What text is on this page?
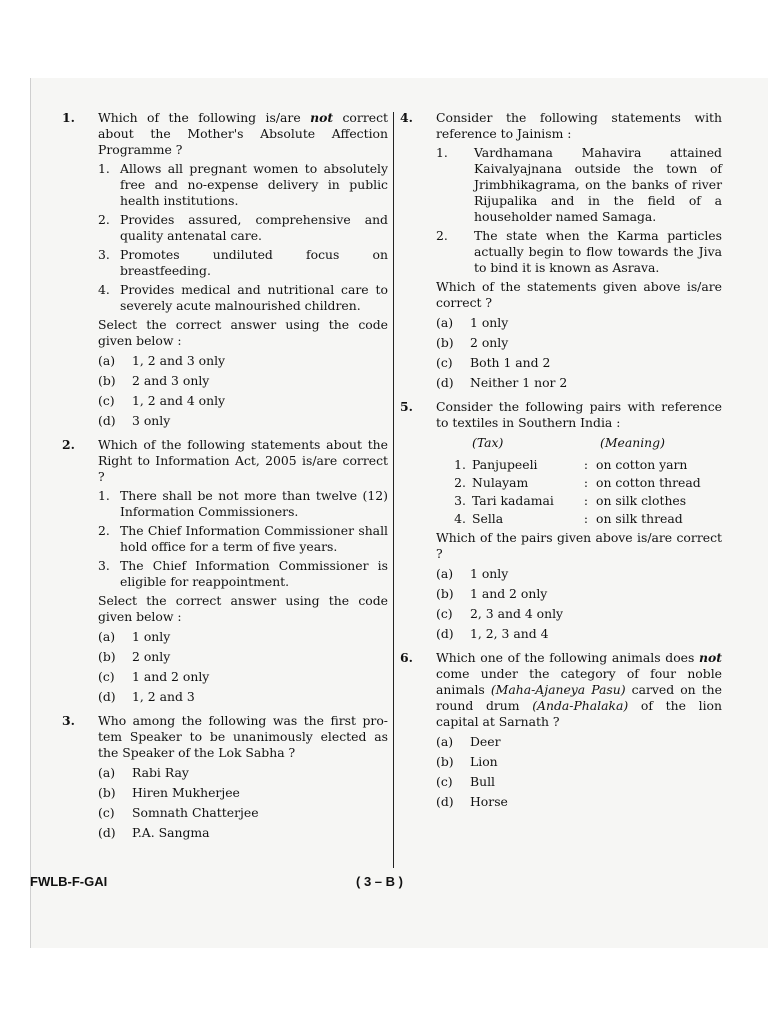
1. Which of the following is/are not correct about the Mother's Absolute Affection Programme ?
1. Allows all pregnant women to absolutely free and no-expense delivery in public health institutions.
2. Provides assured, comprehensive and quality antenatal care.
3. Promotes undiluted focus on breastfeeding.
4. Provides medical and nutritional care to severely acute malnourished children.
Select the correct answer using the code given below :
(a)	1, 2 and 3 only
(b)	2 and 3 only
(c)	1, 2 and 4 only
(d)	3 only
2. Which of the following statements about the Right to Information Act, 2005 is/are correct ?
1. There shall be not more than twelve (12) Information Commissioners.
2. The Chief Information Commissioner shall hold office for a term of five years.
3. The Chief Information Commissioner is eligible for reappointment.
Select the correct answer using the code given below :
(a)	1 only
(b)	2 only
(c)	1 and 2 only
(d)	1, 2 and 3
3. Who among the following was the first pro-tem Speaker to be unanimously elected as the Speaker of the Lok Sabha ?
(a)	Rabi Ray
(b)	Hiren Mukherjee
(c)	Somnath Chatterjee
(d)	P.A. Sangma
4. Consider the following statements with reference to Jainism :
1. Vardhamana Mahavira attained Kaivalyajnana outside the town of Jrimbhikagrama, on the banks of river Rijupalika and in the field of a householder named Samaga.
2. The state when the Karma particles actually begin to flow towards the Jiva to bind it is known as Asrava.
Which of the statements given above is/are correct ?
(a)	1 only
(b)	2 only
(c)	Both 1 and 2
(d)	Neither 1 nor 2
5. Consider the following pairs with reference to textiles in Southern India :
(Tax)	(Meaning)
1. Panjupeeli	: on cotton yarn
2. Nulayam	: on cotton thread
3. Tari kadamai	: on silk clothes
4. Sella	: on silk thread
Which of the pairs given above is/are correct ?
(a)	1 only
(b)	1 and 2 only
(c)	2, 3 and 4 only
(d)	1, 2, 3 and 4
6. Which one of the following animals does not come under the category of four noble animals (Maha-Ajaneya Pasu) carved on the round drum (Anda-Phalaka) of the lion capital at Sarnath ?
(a)	Deer
(b)	Lion
(c)	Bull
(d)	Horse
FWLB-F-GAI	( 3 – B )
